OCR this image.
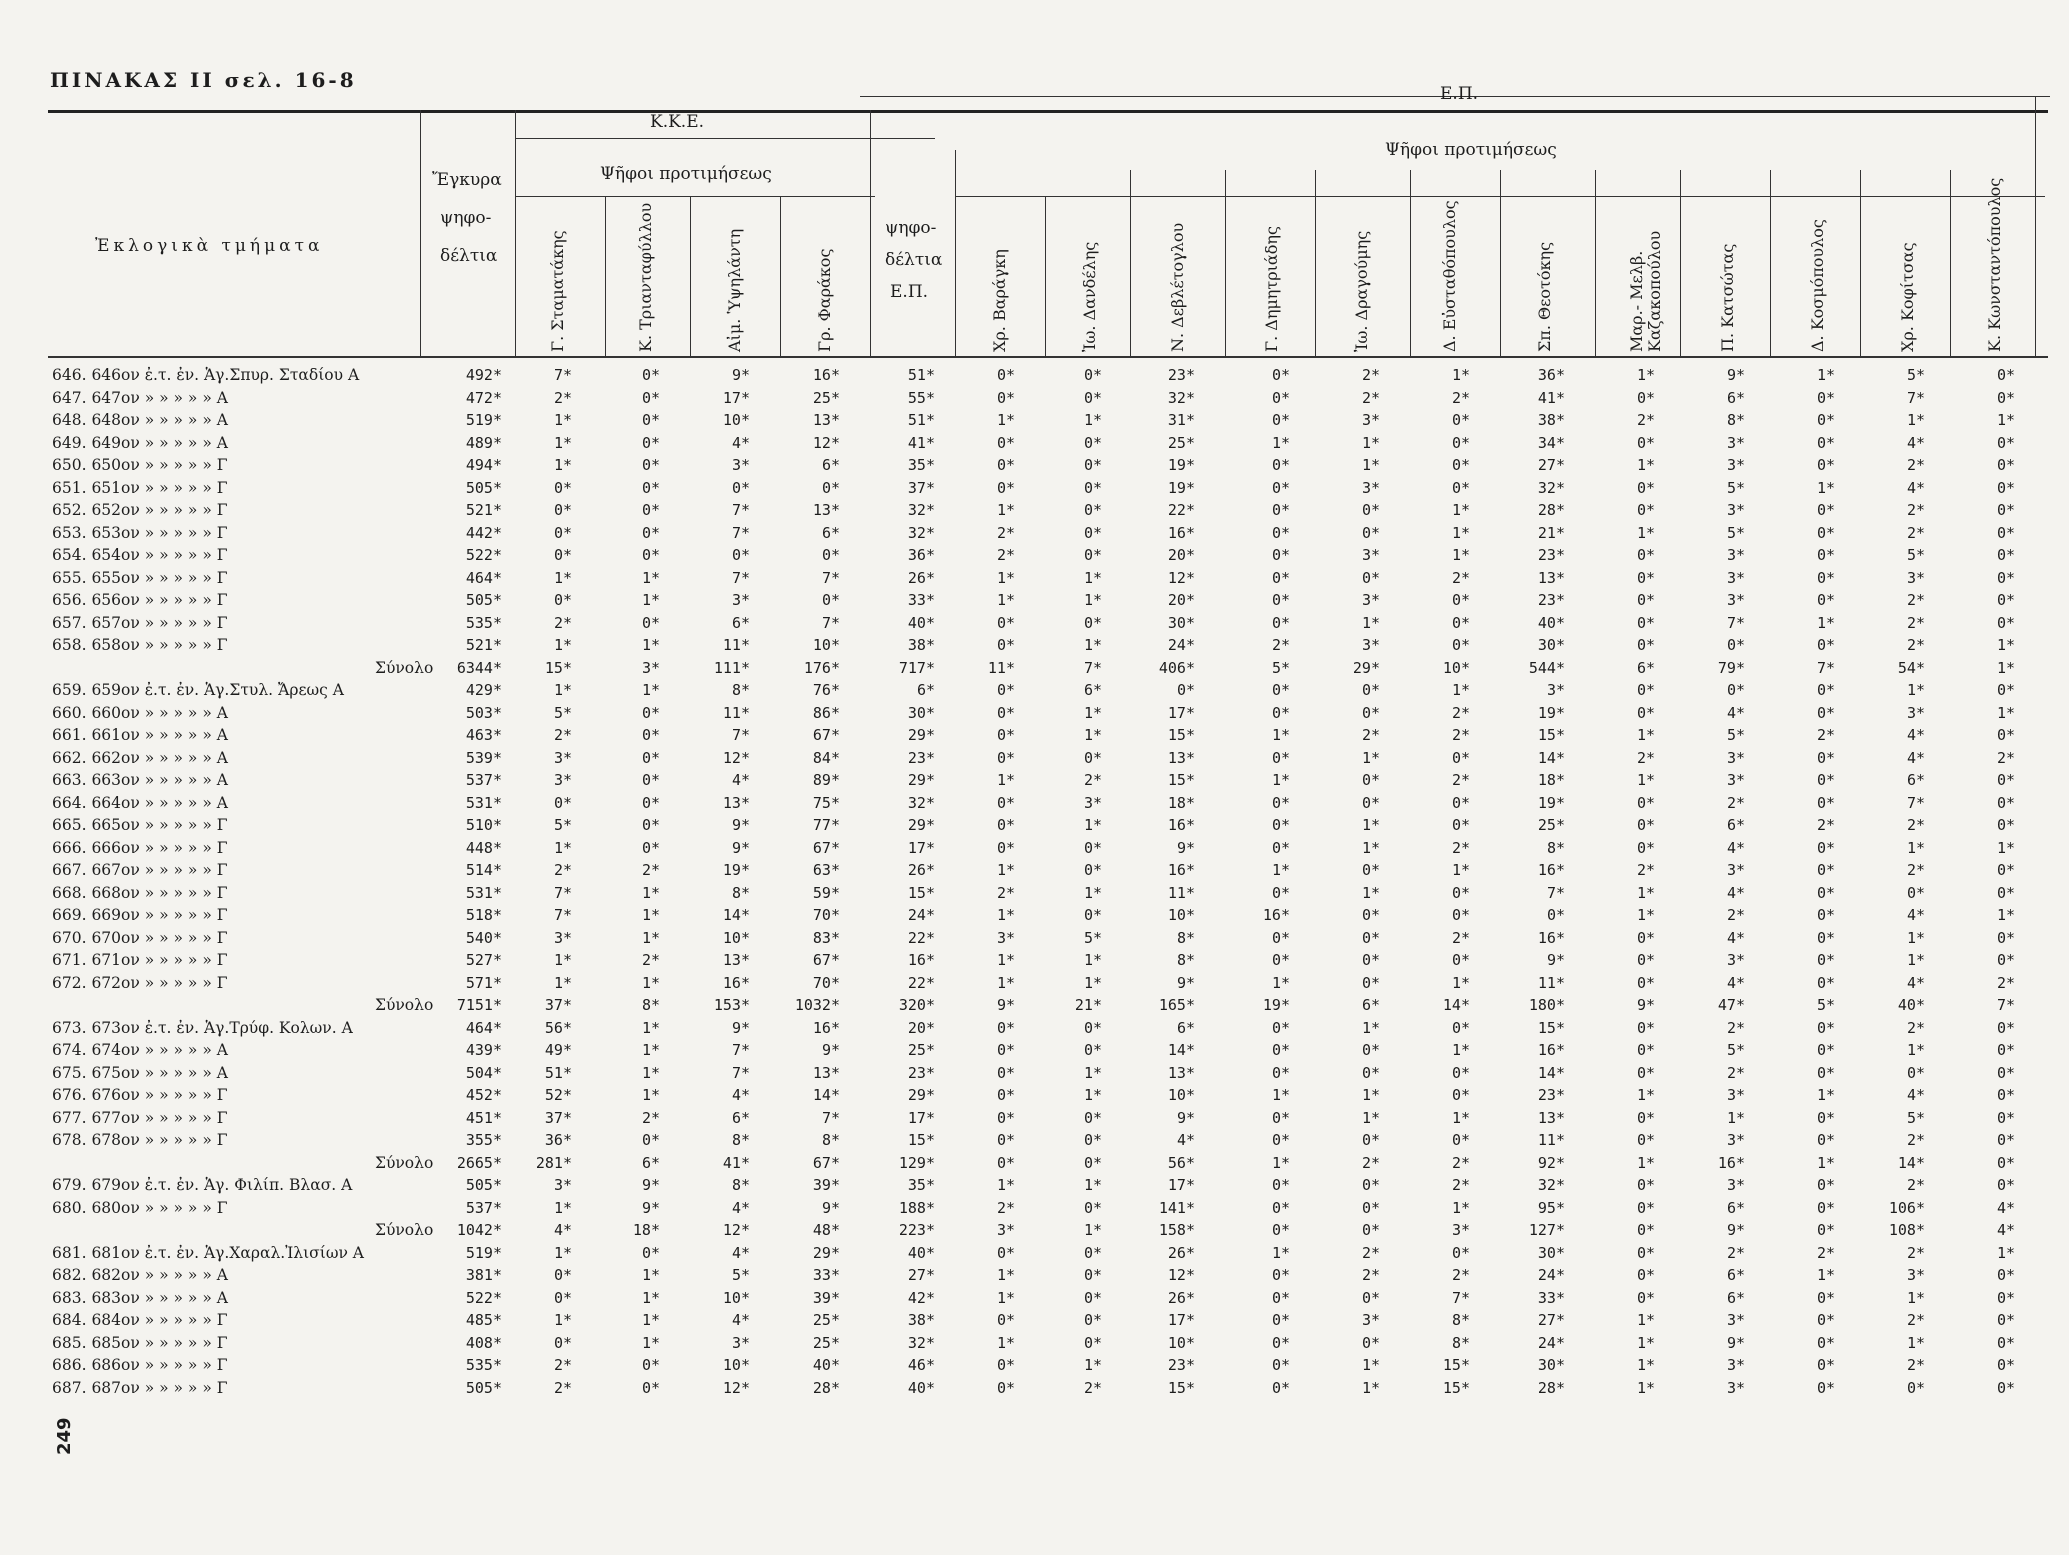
ΠΙΝΑΚΑΣ ΙΙ σελ. 16-8
Ἐκλογικὰ τμήματα
Ἔγκυρα
ψηφο-
δέλτια
Κ.Κ.Ε.
Ψῆφοι προτιμήσεως
Ε.Π.
Ψῆφοι προτιμήσεως
ψηφο-
δέλτια
Ε.Π.
Γ. Σταματάκης	Κ. Τριανταφύλλου	Αἰμ. Ὑψηλάντη	Γρ. Φαράκος	Χρ. Βαράγκη	Ἰω. Δανδέλης	Ν. Δεβλέτογλου	Γ. Δημητριάδης	Ἰω. Δραγούμης	Δ. Εὐσταθόπουλος	Σπ. Θεοτόκης	Μαρ.- Μελβ. Καζακοπούλου	Π. Κατσώτας	Δ. Κοσμόπουλος	Χρ. Κοφίτσας	Κ. Κωνσταντόπουλος
646. 646ον ἐ.τ. ἐν. Ἁγ.Σπυρ. Σταδίου Α	492*	7*	0*	9*	16*	51*	0*	0*	23*	0*	2*	1*	36*	1*	9*	1*	5*	0*
647. 647ον » » » » » Α	472*	2*	0*	17*	25*	55*	0*	0*	32*	0*	2*	2*	41*	0*	6*	0*	7*	0*
648. 648ον » » » » » Α	519*	1*	0*	10*	13*	51*	1*	1*	31*	0*	3*	0*	38*	2*	8*	0*	1*	1*
649. 649ον » » » » » Α	489*	1*	0*	4*	12*	41*	0*	0*	25*	1*	1*	0*	34*	0*	3*	0*	4*	0*
650. 650ον » » » » » Γ	494*	1*	0*	3*	6*	35*	0*	0*	19*	0*	1*	0*	27*	1*	3*	0*	2*	0*
651. 651ον » » » » » Γ	505*	0*	0*	0*	0*	37*	0*	0*	19*	0*	3*	0*	32*	0*	5*	1*	4*	0*
652. 652ον » » » » » Γ	521*	0*	0*	7*	13*	32*	1*	0*	22*	0*	0*	1*	28*	0*	3*	0*	2*	0*
653. 653ον » » » » » Γ	442*	0*	0*	7*	6*	32*	2*	0*	16*	0*	0*	1*	21*	1*	5*	0*	2*	0*
654. 654ον » » » » » Γ	522*	0*	0*	0*	0*	36*	2*	0*	20*	0*	3*	1*	23*	0*	3*	0*	5*	0*
655. 655ον » » » » » Γ	464*	1*	1*	7*	7*	26*	1*	1*	12*	0*	0*	2*	13*	0*	3*	0*	3*	0*
656. 656ον » » » » » Γ	505*	0*	1*	3*	0*	33*	1*	1*	20*	0*	3*	0*	23*	0*	3*	0*	2*	0*
657. 657ον » » » » » Γ	535*	2*	0*	6*	7*	40*	0*	0*	30*	0*	1*	0*	40*	0*	7*	1*	2*	0*
658. 658ον » » » » » Γ	521*	1*	1*	11*	10*	38*	0*	1*	24*	2*	3*	0*	30*	0*	0*	0*	2*	1*
Σύνολο	6344*	15*	3*	111*	176*	717*	11*	7*	406*	5*	29*	10*	544*	6*	79*	7*	54*	1*
659. 659ον ἐ.τ. ἐν. Ἁγ.Στυλ. Ἄρεως Α	429*	1*	1*	8*	76*	6*	0*	6*	0*	0*	0*	1*	3*	0*	0*	0*	1*	0*
660. 660ον » » » » » Α	503*	5*	0*	11*	86*	30*	0*	1*	17*	0*	0*	2*	19*	0*	4*	0*	3*	1*
661. 661ον » » » » » Α	463*	2*	0*	7*	67*	29*	0*	1*	15*	1*	2*	2*	15*	1*	5*	2*	4*	0*
662. 662ον » » » » » Α	539*	3*	0*	12*	84*	23*	0*	0*	13*	0*	1*	0*	14*	2*	3*	0*	4*	2*
663. 663ον » » » » » Α	537*	3*	0*	4*	89*	29*	1*	2*	15*	1*	0*	2*	18*	1*	3*	0*	6*	0*
664. 664ον » » » » » Α	531*	0*	0*	13*	75*	32*	0*	3*	18*	0*	0*	0*	19*	0*	2*	0*	7*	0*
665. 665ον » » » » » Γ	510*	5*	0*	9*	77*	29*	0*	1*	16*	0*	1*	0*	25*	0*	6*	2*	2*	0*
666. 666ον » » » » » Γ	448*	1*	0*	9*	67*	17*	0*	0*	9*	0*	1*	2*	8*	0*	4*	0*	1*	1*
667. 667ον » » » » » Γ	514*	2*	2*	19*	63*	26*	1*	0*	16*	1*	0*	1*	16*	2*	3*	0*	2*	0*
668. 668ον » » » » » Γ	531*	7*	1*	8*	59*	15*	2*	1*	11*	0*	1*	0*	7*	1*	4*	0*	0*	0*
669. 669ον » » » » » Γ	518*	7*	1*	14*	70*	24*	1*	0*	10*	16*	0*	0*	0*	1*	2*	0*	4*	1*
670. 670ον » » » » » Γ	540*	3*	1*	10*	83*	22*	3*	5*	8*	0*	0*	2*	16*	0*	4*	0*	1*	0*
671. 671ον » » » » » Γ	527*	1*	2*	13*	67*	16*	1*	1*	8*	0*	0*	0*	9*	0*	3*	0*	1*	0*
672. 672ον » » » » » Γ	571*	1*	1*	16*	70*	22*	1*	1*	9*	1*	0*	1*	11*	0*	4*	0*	4*	2*
Σύνολο	7151*	37*	8*	153*	1032*	320*	9*	21*	165*	19*	6*	14*	180*	9*	47*	5*	40*	7*
673. 673ον ἐ.τ. ἐν. Ἁγ.Τρύφ. Κολων. Α	464*	56*	1*	9*	16*	20*	0*	0*	6*	0*	1*	0*	15*	0*	2*	0*	2*	0*
674. 674ον » » » » » Α	439*	49*	1*	7*	9*	25*	0*	0*	14*	0*	0*	1*	16*	0*	5*	0*	1*	0*
675. 675ον » » » » » Α	504*	51*	1*	7*	13*	23*	0*	1*	13*	0*	0*	0*	14*	0*	2*	0*	0*	0*
676. 676ον » » » » » Γ	452*	52*	1*	4*	14*	29*	0*	1*	10*	1*	1*	0*	23*	1*	3*	1*	4*	0*
677. 677ον » » » » » Γ	451*	37*	2*	6*	7*	17*	0*	0*	9*	0*	1*	1*	13*	0*	1*	0*	5*	0*
678. 678ον » » » » » Γ	355*	36*	0*	8*	8*	15*	0*	0*	4*	0*	0*	0*	11*	0*	3*	0*	2*	0*
Σύνολο	2665*	281*	6*	41*	67*	129*	0*	0*	56*	1*	2*	2*	92*	1*	16*	1*	14*	0*
679. 679ον ἐ.τ. ἐν. Ἁγ. Φιλίπ. Βλασ. Α	505*	3*	9*	8*	39*	35*	1*	1*	17*	0*	0*	2*	32*	0*	3*	0*	2*	0*
680. 680ον » » » » » Γ	537*	1*	9*	4*	9*	188*	2*	0*	141*	0*	0*	1*	95*	0*	6*	0*	106*	4*
Σύνολο	1042*	4*	18*	12*	48*	223*	3*	1*	158*	0*	0*	3*	127*	0*	9*	0*	108*	4*
681. 681ον ἐ.τ. ἐν. Ἁγ.Χαραλ.Ἰλισίων Α	519*	1*	0*	4*	29*	40*	0*	0*	26*	1*	2*	0*	30*	0*	2*	2*	2*	1*
682. 682ον » » » » » Α	381*	0*	1*	5*	33*	27*	1*	0*	12*	0*	2*	2*	24*	0*	6*	1*	3*	0*
683. 683ον » » » » » Α	522*	0*	1*	10*	39*	42*	1*	0*	26*	0*	0*	7*	33*	0*	6*	0*	1*	0*
684. 684ον » » » » » Γ	485*	1*	1*	4*	25*	38*	0*	0*	17*	0*	3*	8*	27*	1*	3*	0*	2*	0*
685. 685ον » » » » » Γ	408*	0*	1*	3*	25*	32*	1*	0*	10*	0*	0*	8*	24*	1*	9*	0*	1*	0*
686. 686ον » » » » » Γ	535*	2*	0*	10*	40*	46*	0*	1*	23*	0*	1*	15*	30*	1*	3*	0*	2*	0*
687. 687ον » » » » » Γ	505*	2*	0*	12*	28*	40*	0*	2*	15*	0*	1*	15*	28*	1*	3*	0*	0*	0*
249
